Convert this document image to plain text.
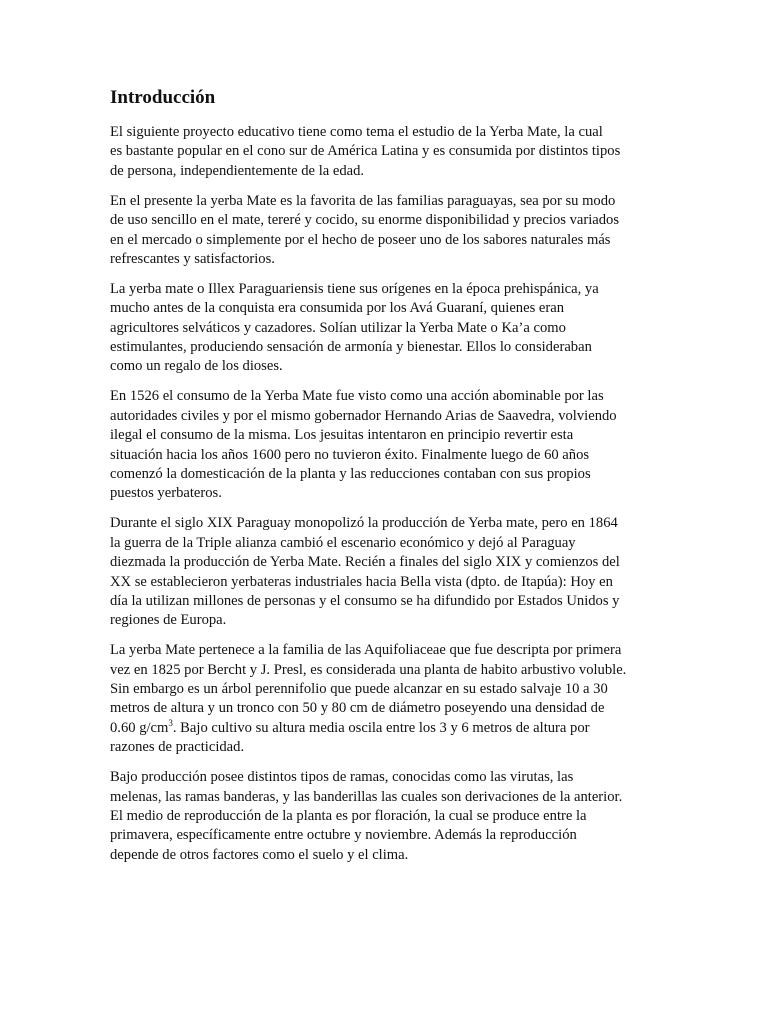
Introducción

El siguiente proyecto educativo tiene como tema el estudio de la Yerba Mate, la cual
es bastante popular en el cono sur de América Latina y es consumida por distintos tipos
de persona, independientemente de la edad.

En el presente la yerba Mate es la favorita de las familias paraguayas, sea por su modo
de uso sencillo en el mate, tereré y cocido, su enorme disponibilidad y precios variados
en el mercado o simplemente por el hecho de poseer uno de los sabores naturales más
refrescantes y satisfactorios.

La yerba mate o Illex Paraguariensis tiene sus orígenes en la época prehispánica, ya
mucho antes de la conquista era consumida por los Avá Guaraní, quienes eran
agricultores selváticos y cazadores. Solían utilizar la Yerba Mate o Ka’a como
estimulantes, produciendo sensación de armonía y bienestar. Ellos lo consideraban
como un regalo de los dioses.

En 1526 el consumo de la Yerba Mate fue visto como una acción abominable por las
autoridades civiles y por el mismo gobernador Hernando Arias de Saavedra, volviendo
ilegal el consumo de la misma. Los jesuitas intentaron en principio revertir esta
situación hacia los años 1600 pero no tuvieron éxito. Finalmente luego de 60 años
comenzó la domesticación de la planta y las reducciones contaban con sus propios
puestos yerbateros.

Durante el siglo XIX Paraguay monopolizó la producción de Yerba mate, pero en 1864
la guerra de la Triple alianza cambió el escenario económico y dejó al Paraguay
diezmada la producción de Yerba Mate. Recién a finales del siglo XIX y comienzos del
XX se establecieron yerbateras industriales hacia Bella vista (dpto. de Itapúa): Hoy en
día la utilizan millones de personas y el consumo se ha difundido por Estados Unidos y
regiones de Europa.

La yerba Mate pertenece a la familia de las Aquifoliaceae que fue descripta por primera
vez en 1825 por Bercht y J. Presl, es considerada una planta de habito arbustivo voluble.
Sin embargo es un árbol perennifolio que puede alcanzar en su estado salvaje 10 a 30
metros de altura y un tronco con 50 y 80 cm de diámetro poseyendo una densidad de
0.60 $g/cm^3$. Bajo cultivo su altura media oscila entre los 3 y 6 metros de altura por
razones de practicidad.

Bajo producción posee distintos tipos de ramas, conocidas como las virutas, las
melenas, las ramas banderas, y las banderillas las cuales son derivaciones de la anterior.
El medio de reproducción de la planta es por floración, la cual se produce entre la
primavera, específicamente entre octubre y noviembre. Además la reproducción
depende de otros factores como el suelo y el clima.
